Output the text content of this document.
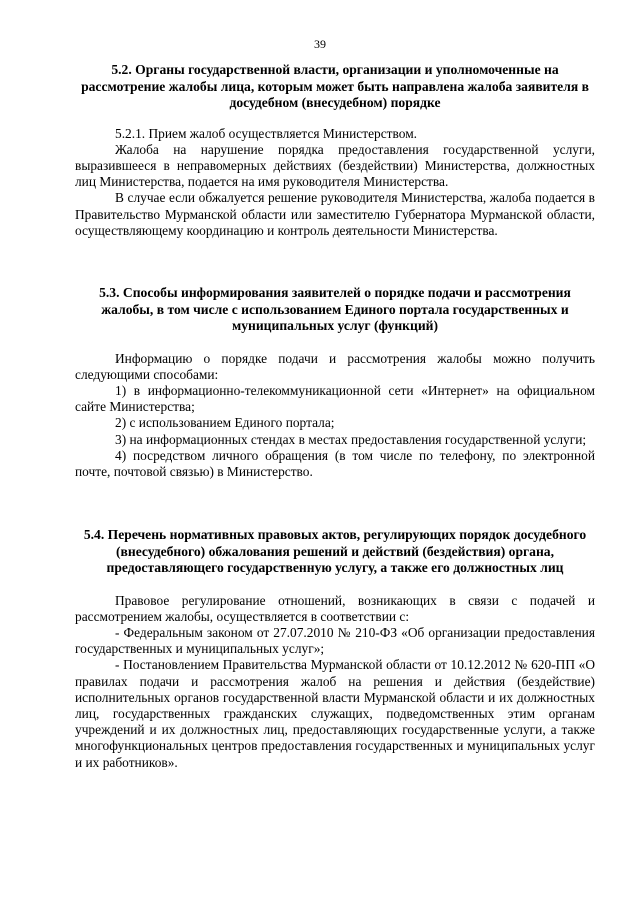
39
5.2. Органы государственной власти, организации и уполномоченные на рассмотрение жалобы лица, которым может быть направлена жалоба заявителя в досудебном (внесудебном) порядке

5.2.1. Прием жалоб осуществляется Министерством.

Жалоба на нарушение порядка предоставления государственной услуги, выразившееся в неправомерных действиях (бездействии) Министерства, должностных лиц Министерства, подается на имя руководителя Министерства.

В случае если обжалуется решение руководителя Министерства, жалоба подается в Правительство Мурманской области или заместителю Губернатора Мурманской области, осуществляющему координацию и контроль деятельности Министерства.

5.3. Способы информирования заявителей о порядке подачи и рассмотрения жалобы, в том числе с использованием Единого портала государственных и муниципальных услуг (функций)

Информацию о порядке подачи и рассмотрения жалобы можно получить следующими способами:

1) в информационно-телекоммуникационной сети «Интернет» на официальном сайте Министерства;

2) с использованием Единого портала;

3) на информационных стендах в местах предоставления государственной услуги;

4) посредством личного обращения (в том числе по телефону, по электронной почте, почтовой связью) в Министерство.

5.4. Перечень нормативных правовых актов, регулирующих порядок досудебного (внесудебного) обжалования решений и действий (бездействия) органа, предоставляющего государственную услугу, а также его должностных лиц

Правовое регулирование отношений, возникающих в связи с подачей и рассмотрением жалобы, осуществляется в соответствии с:

- Федеральным законом от 27.07.2010 № 210-ФЗ «Об организации предоставления государственных и муниципальных услуг»;

- Постановлением Правительства Мурманской области от 10.12.2012 № 620-ПП «О правилах подачи и рассмотрения жалоб на решения и действия (бездействие) исполнительных органов государственной власти Мурманской области и их должностных лиц, государственных гражданских служащих, подведомственных этим органам учреждений и их должностных лиц, предоставляющих государственные услуги, а также многофункциональных центров предоставления государственных и муниципальных услуг и их работников».
